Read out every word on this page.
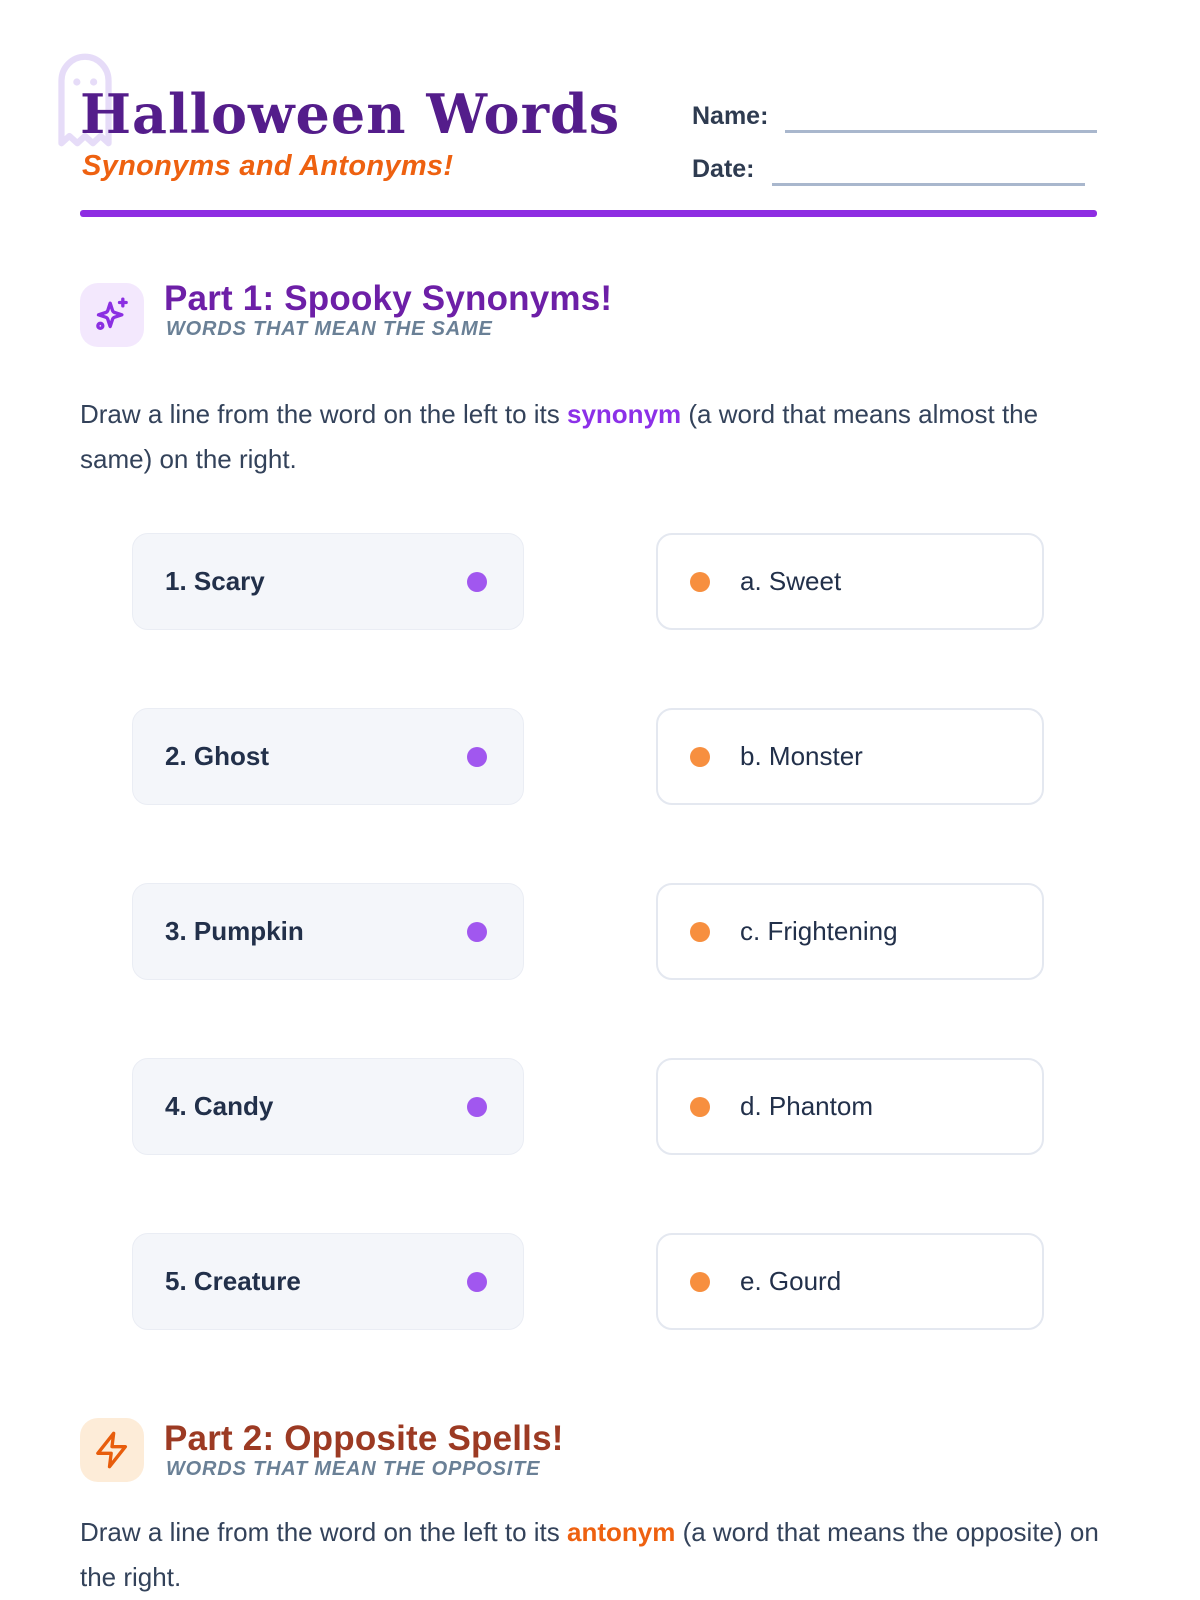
Halloween Words
Synonyms and Antonyms!
Name:
Date:
Part 1: Spooky Synonyms!
WORDS THAT MEAN THE SAME

Draw a line from the word on the left to its synonym (a word that means almost the same) on the right.

1. Scary	a. Sweet
2. Ghost	b. Monster
3. Pumpkin	c. Frightening
4. Candy	d. Phantom
5. Creature	e. Gourd
Part 2: Opposite Spells!
WORDS THAT MEAN THE OPPOSITE

Draw a line from the word on the left to its antonym (a word that means the opposite) on the right.
